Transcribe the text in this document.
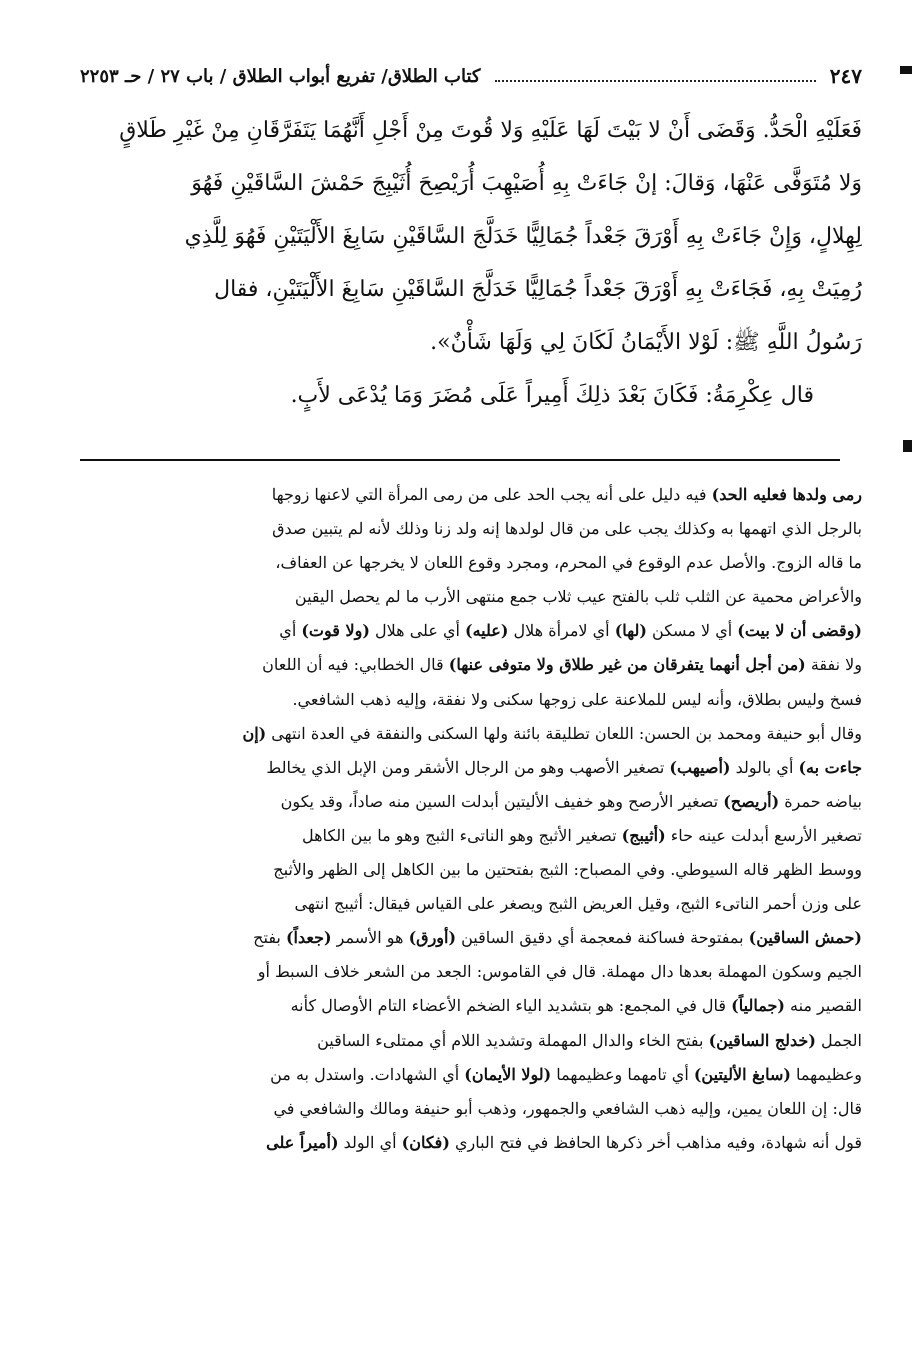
كتاب الطلاق/ تفريع أبواب الطلاق / باب ٢٧ / حـ ٢٢٥٣	٢٤٧
فَعَلَيْهِ الْحَدُّ. وَقَضَى أَنْ لا بَيْتَ لَهَا عَلَيْهِ وَلا قُوتَ مِنْ أَجْلِ أَنَّهُمَا يَتَفَرَّقَانِ مِنْ غَيْرِ طَلاقٍ
وَلا مُتَوَفَّى عَنْهَا، وَقالَ: إنْ جَاءَتْ بِهِ أُصَيْهِبَ أُرَيْصِحَ أُثَيْبِجَ حَمْشَ السَّاقَيْنِ فَهُوَ
لِهِلالٍ، وَإِنْ جَاءَتْ بِهِ أَوْرَقَ جَعْداً جُمَالِيًّا خَدَلَّجَ السَّاقَيْنِ سَابِغَ الأَلْيَتَيْنِ فَهُوَ لِلَّذِي
رُمِيَتْ بِهِ، فَجَاءَتْ بِهِ أَوْرَقَ جَعْداً جُمَالِيًّا خَدَلَّجَ السَّاقَيْنِ سَابِغَ الأَلْيَتَيْنِ، فقال
رَسُولُ اللَّهِ ﷺ: لَوْلا الأَيْمَانُ لَكَانَ لِي وَلَهَا شَأْنٌ».
قال عِكْرِمَةُ: فَكَانَ بَعْدَ ذلِكَ أَمِيراً عَلَى مُضَرَ وَمَا يُدْعَى لأَبٍ.
رمى ولدها فعليه الحد) فيه دليل على أنه يجب الحد على من رمى المرأة التي لاعنها زوجها
بالرجل الذي اتهمها به وكذلك يجب على من قال لولدها إنه ولد زنا وذلك لأنه لم يتبين صدق
ما قاله الزوج. والأصل عدم الوقوع في المحرم، ومجرد وقوع اللعان لا يخرجها عن العفاف،
والأعراض محمية عن الثلب ثلب بالفتح عيب ثلاب جمع منتهى الأرب ما لم يحصل اليقين
(وقضى أن لا بيت) أي لا مسكن (لها) أي لامرأة هلال (عليه) أي على هلال (ولا قوت) أي
ولا نفقة (من أجل أنهما يتفرقان من غير طلاق ولا متوفى عنها) قال الخطابي: فيه أن اللعان
فسخ وليس بطلاق، وأنه ليس للملاعنة على زوجها سكنى ولا نفقة، وإليه ذهب الشافعي.
وقال أبو حنيفة ومحمد بن الحسن: اللعان تطليقة بائنة ولها السكنى والنفقة في العدة انتهى (إن
جاءت به) أي بالولد (أصيهب) تصغير الأصهب وهو من الرجال الأشقر ومن الإبل الذي يخالط
بياضه حمرة (أريصح) تصغير الأرصح وهو خفيف الأليتين أبدلت السين منه صاداً، وقد يكون
تصغير الأرسع أبدلت عينه حاء (أثيبج) تصغير الأثبج وهو الناتىء الثبج وهو ما بين الكاهل
ووسط الظهر قاله السيوطي. وفي المصباح: الثبج بفتحتين ما بين الكاهل إلى الظهر والأثبج
على وزن أحمر الناتىء الثبج، وقيل العريض الثبج ويصغر على القياس فيقال: أثيبج انتهى
(حمش الساقين) بمفتوحة فساكنة فمعجمة أي دقيق الساقين (أورق) هو الأسمر (جعداً) بفتح
الجيم وسكون المهملة بعدها دال مهملة. قال في القاموس: الجعد من الشعر خلاف السبط أو
القصير منه (جمالياً) قال في المجمع: هو بتشديد الياء الضخم الأعضاء التام الأوصال كأنه
الجمل (خدلج الساقين) بفتح الخاء والدال المهملة وتشديد اللام أي ممتلىء الساقين
وعظيمهما (سابغ الأليتين) أي تامهما وعظيمهما (لولا الأيمان) أي الشهادات. واستدل به من
قال: إن اللعان يمين، وإليه ذهب الشافعي والجمهور، وذهب أبو حنيفة ومالك والشافعي في
قول أنه شهادة، وفيه مذاهب أخر ذكرها الحافظ في فتح الباري (فكان) أي الولد (أميراً على
